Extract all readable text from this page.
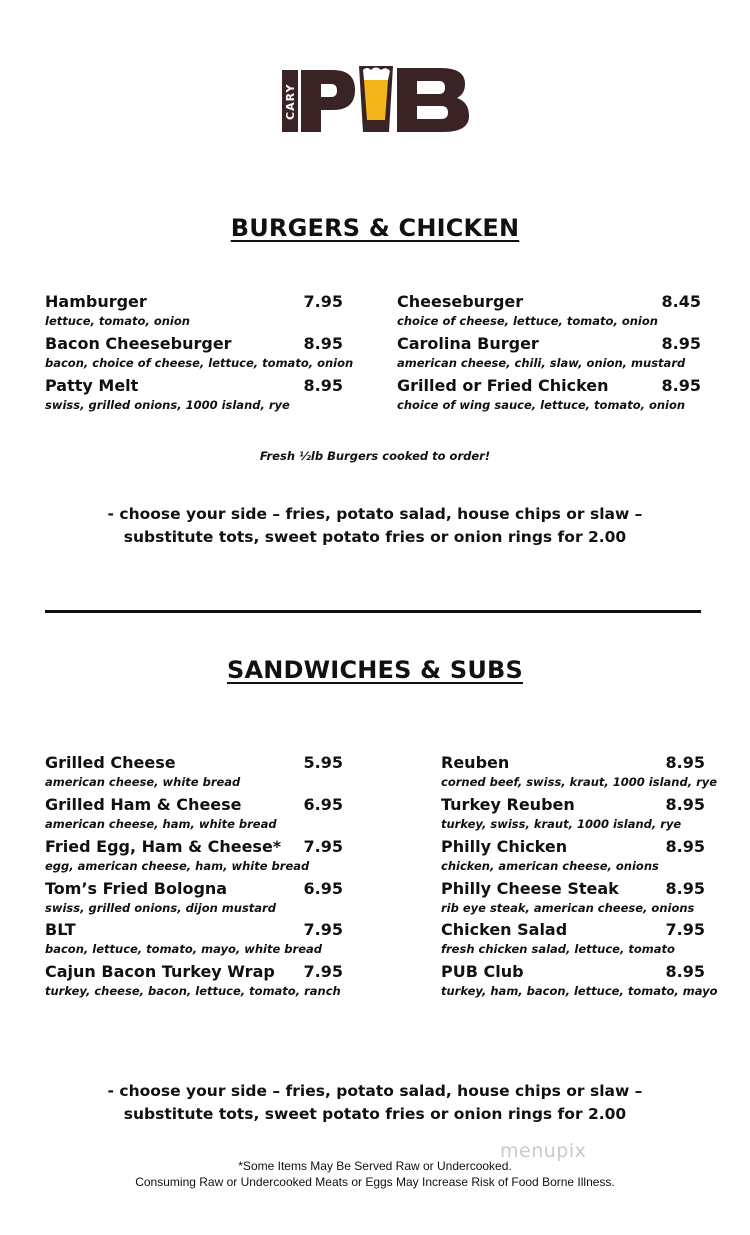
CARY
BURGERS & CHICKEN
Hamburger	7.95
lettuce, tomato, onion
Bacon Cheeseburger	8.95
bacon, choice of cheese, lettuce, tomato, onion
Patty Melt	8.95
swiss, grilled onions, 1000 island, rye
Cheeseburger	8.45
choice of cheese, lettuce, tomato, onion
Carolina Burger	8.95
american cheese, chili, slaw, onion, mustard
Grilled or Fried Chicken	8.95
choice of wing sauce, lettuce, tomato, onion
Fresh ½lb Burgers cooked to order!
- choose your side – fries, potato salad, house chips or slaw –
substitute tots, sweet potato fries or onion rings for 2.00
SANDWICHES & SUBS
Grilled Cheese	5.95
american cheese, white bread
Grilled Ham & Cheese	6.95
american cheese, ham, white bread
Fried Egg, Ham & Cheese* 7.95
egg, american cheese, ham, white bread
Tom’s Fried Bologna	6.95
swiss, grilled onions, dijon mustard
BLT	7.95
bacon, lettuce, tomato, mayo, white bread
Cajun Bacon Turkey Wrap 7.95
turkey, cheese, bacon, lettuce, tomato, ranch
Reuben	8.95
corned beef, swiss, kraut, 1000 island, rye
Turkey Reuben	8.95
turkey, swiss, kraut, 1000 island, rye
Philly Chicken	8.95
chicken, american cheese, onions
Philly Cheese Steak	8.95
rib eye steak, american cheese, onions
Chicken Salad	7.95
fresh chicken salad, lettuce, tomato
PUB Club	8.95
turkey, ham, bacon, lettuce, tomato, mayo
- choose your side – fries, potato salad, house chips or slaw –
substitute tots, sweet potato fries or onion rings for 2.00
menupix
*Some Items May Be Served Raw or Undercooked.
Consuming Raw or Undercooked Meats or Eggs May Increase Risk of Food Borne Illness.
